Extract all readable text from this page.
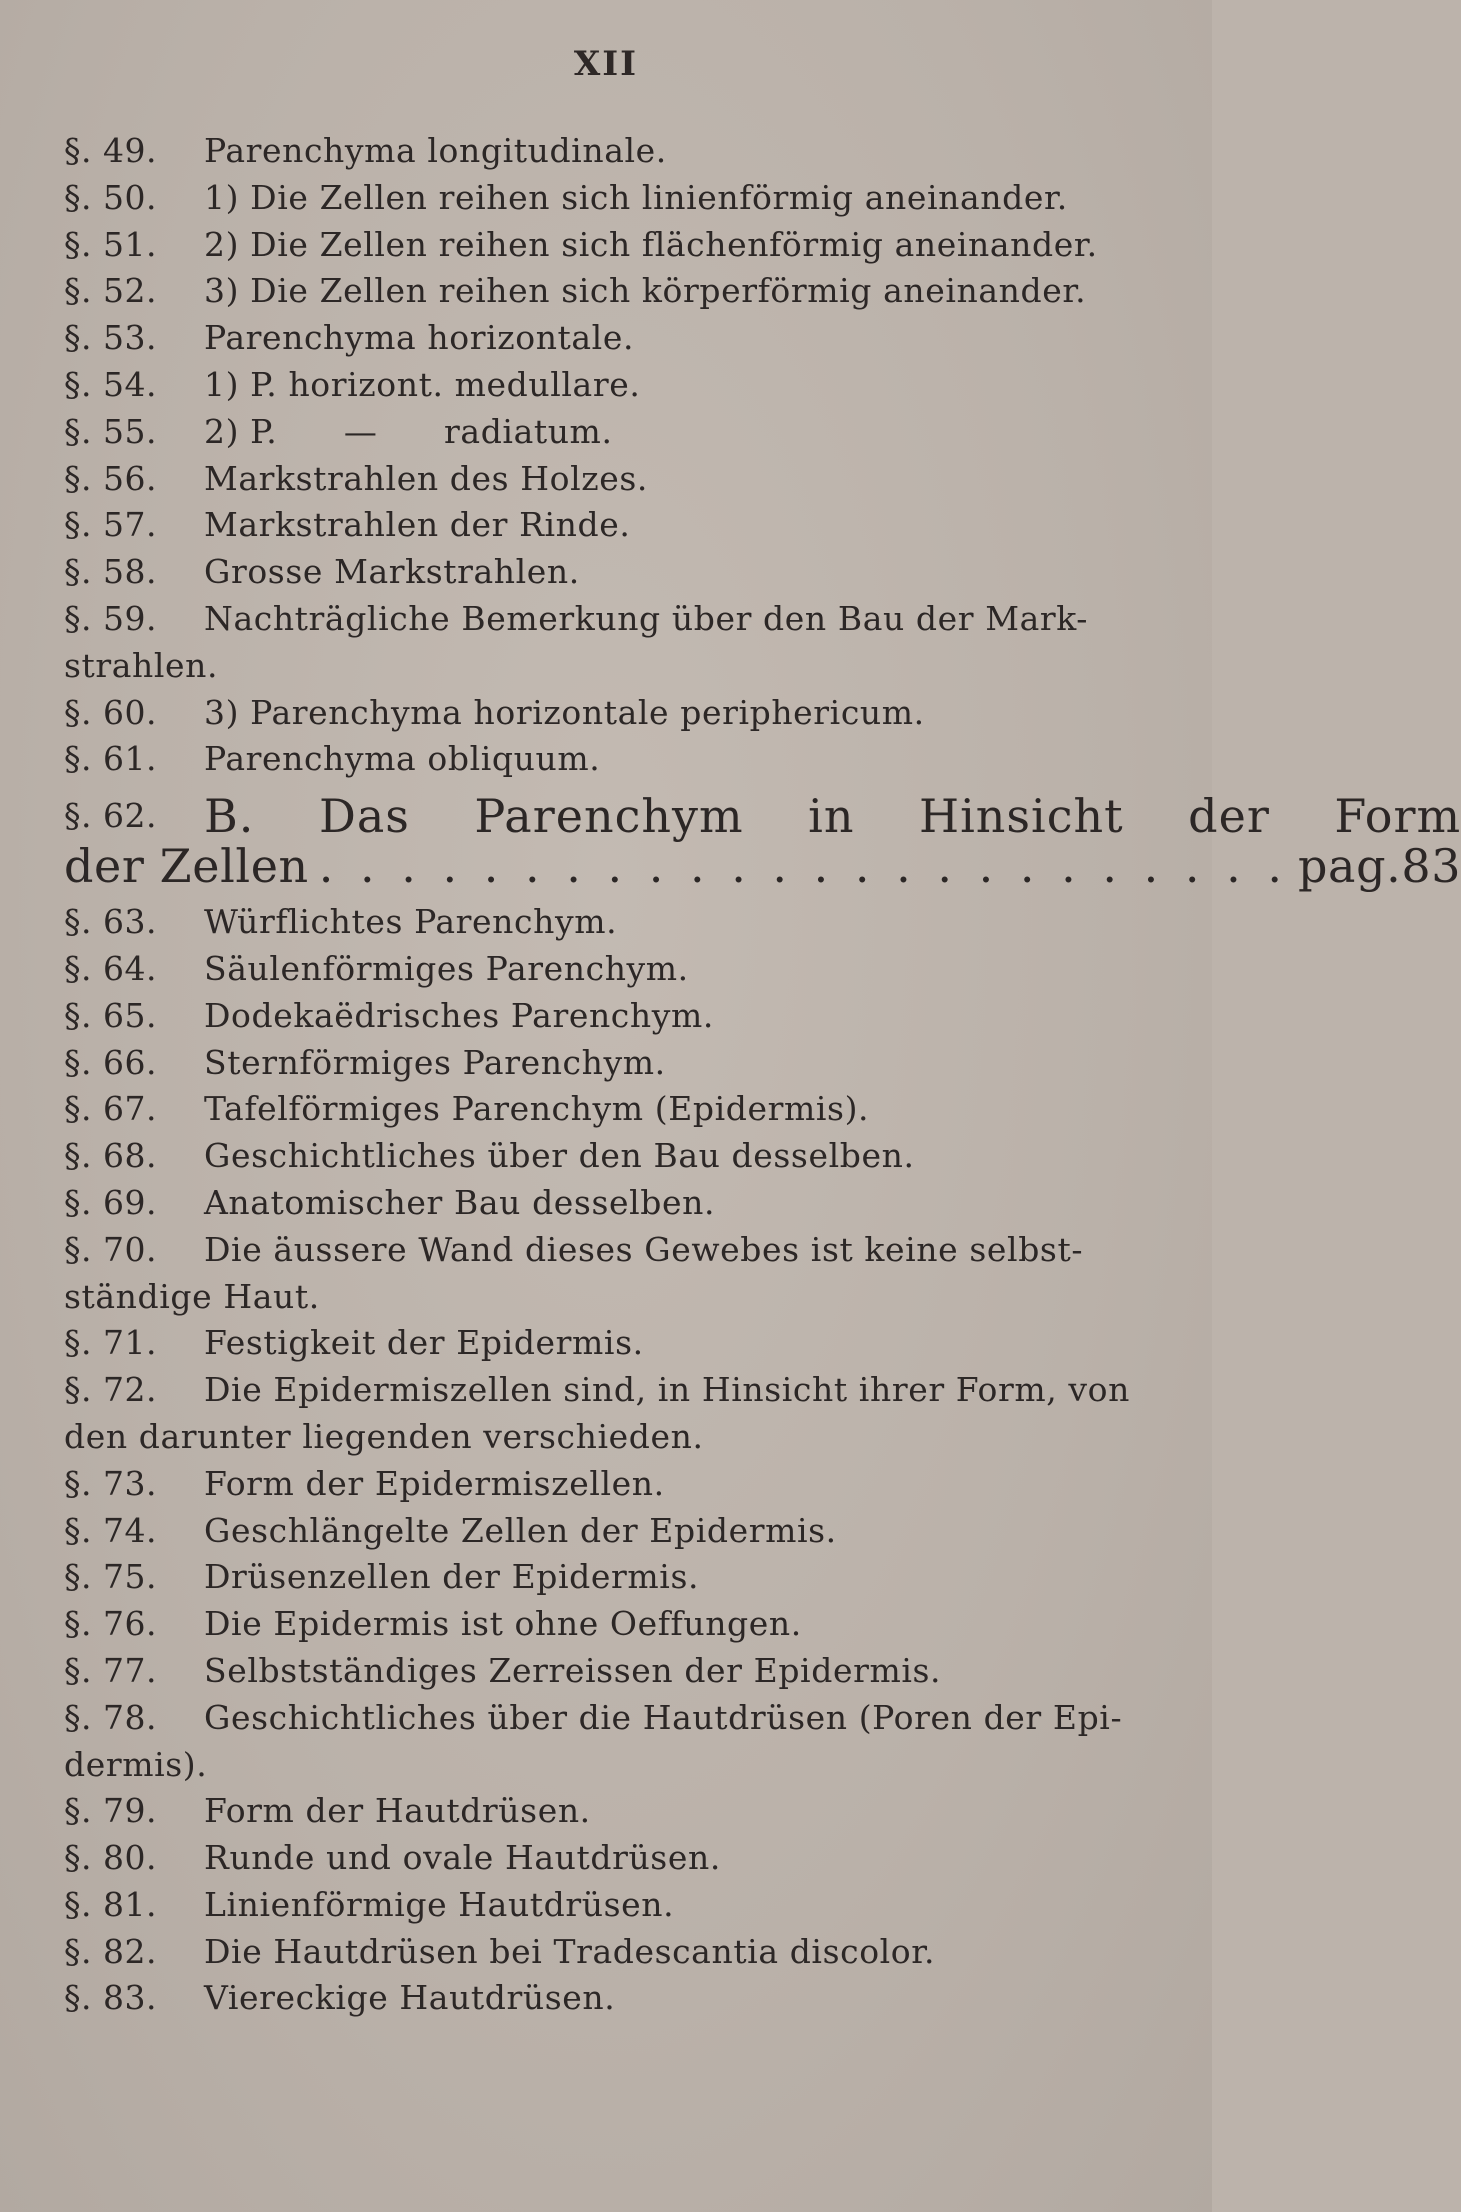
XII
§. 49.	Parenchyma longitudinale.
§. 50.	1) Die Zellen reihen sich linienförmig aneinander.
§. 51.	2) Die Zellen reihen sich flächenförmig aneinander.
§. 52.	3) Die Zellen reihen sich körperförmig aneinander.
§. 53.	Parenchyma horizontale.
§. 54.	1) P. horizont. medullare.
§. 55.	2) P.      —      radiatum.
§. 56.	Markstrahlen des Holzes.
§. 57.	Markstrahlen der Rinde.
§. 58.	Grosse Markstrahlen.
§. 59.	Nachträgliche Bemerkung über den Bau der Mark-
strahlen.
§. 60.	3) Parenchyma horizontale periphericum.
§. 61.	Parenchyma obliquum.
§. 62.	B. Das Parenchym in Hinsicht der Form
der Zellen . . . . . . . . . . . . . . . . . . . . . . . . pag.83
§. 63.	Würflichtes Parenchym.
§. 64.	Säulenförmiges Parenchym.
§. 65.	Dodekaëdrisches Parenchym.
§. 66.	Sternförmiges Parenchym.
§. 67.	Tafelförmiges Parenchym (Epidermis).
§. 68.	Geschichtliches über den Bau desselben.
§. 69.	Anatomischer Bau desselben.
§. 70.	Die äussere Wand dieses Gewebes ist keine selbst-
ständige Haut.
§. 71.	Festigkeit der Epidermis.
§. 72.	Die Epidermiszellen sind, in Hinsicht ihrer Form, von
den darunter liegenden verschieden.
§. 73.	Form der Epidermiszellen.
§. 74.	Geschlängelte Zellen der Epidermis.
§. 75.	Drüsenzellen der Epidermis.
§. 76.	Die Epidermis ist ohne Oeffungen.
§. 77.	Selbstständiges Zerreissen der Epidermis.
§. 78.	Geschichtliches über die Hautdrüsen (Poren der Epi-
dermis).
§. 79.	Form der Hautdrüsen.
§. 80.	Runde und ovale Hautdrüsen.
§. 81.	Linienförmige Hautdrüsen.
§. 82.	Die Hautdrüsen bei Tradescantia discolor.
§. 83.	Viereckige Hautdrüsen.
